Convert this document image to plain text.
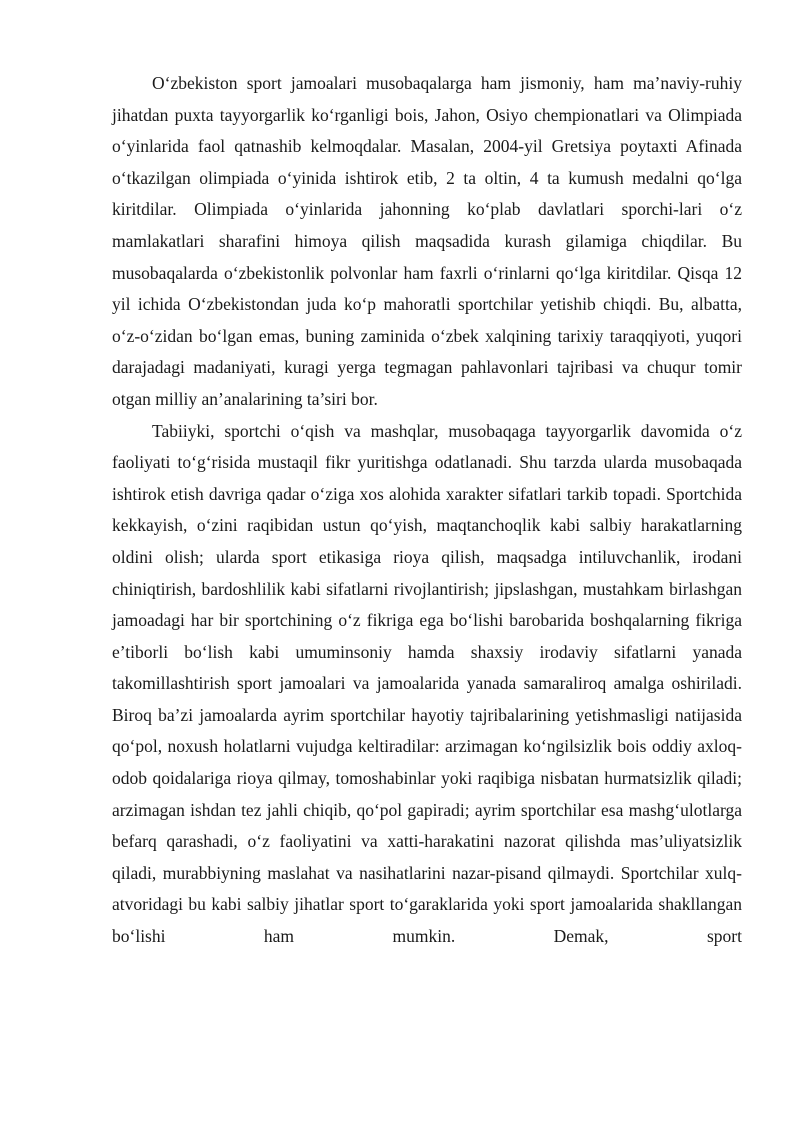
O‘zbekiston sport jamoalari musobaqalarga ham jismoniy, ham ma’naviy-ruhiy jihatdan puxta tayyorgarlik ko‘rganligi bois, Jahon, Osiyo chempionatlari va Olimpiada o‘yinlarida faol qatnashib kelmoqdalar. Masalan, 2004-yil Gretsiya poytaxti Afinada o‘tkazilgan olimpiada o‘yinida ishtirok etib, 2 ta oltin, 4 ta kumush medalni qo‘lga kiritdilar. Olimpiada o‘yinlarida jahonning ko‘plab davlatlari sporchi-lari o‘z mamlakatlari sharafini himoya qilish maqsadida kurash gilamiga chiqdilar. Bu musobaqalarda o‘zbekistonlik polvonlar ham faxrli o‘rinlarni qo‘lga kiritdilar. Qisqa 12 yil ichida O‘zbekistondan juda ko‘p mahoratli sportchilar yetishib chiqdi. Bu, albatta, o‘z-o‘zidan bo‘lgan emas, buning zaminida o‘zbek xalqining tarixiy taraqqiyoti, yuqori darajadagi madaniyati, kuragi yerga tegmagan pahlavonlari tajribasi va chuqur tomir otgan milliy an’analarining ta’siri bor.

Tabiiyki, sportchi o‘qish va mashqlar, musobaqaga tayyorgarlik davomida o‘z faoliyati to‘g‘risida mustaqil fikr yuritishga odatlanadi. Shu tarzda ularda musobaqada ishtirok etish davriga qadar o‘ziga xos alohida xarakter sifatlari tarkib topadi. Sportchida kekkayish, o‘zini raqibidan ustun qo‘yish, maqtanchoqlik kabi salbiy harakatlarning oldini olish; ularda sport etikasiga rioya qilish, maqsadga intiluvchanlik, irodani chiniqtirish, bardoshlilik kabi sifatlarni rivojlantirish; jipslashgan, mustahkam birlashgan jamoadagi har bir sportchining o‘z fikriga ega bo‘lishi barobarida boshqalarning fikriga e’tiborli bo‘lish kabi umuminsoniy hamda shaxsiy irodaviy sifatlarni yanada takomillashtirish sport jamoalari va jamoalarida yanada samaraliroq amalga oshiriladi. Biroq ba’zi jamoalarda ayrim sportchilar hayotiy tajribalarining yetishmasligi natijasida qo‘pol, noxush holatlarni vujudga keltiradilar: arzimagan ko‘ngilsizlik bois oddiy axloq-odob qoidalariga rioya qilmay, tomoshabinlar yoki raqibiga nisbatan hurmatsizlik qiladi; arzimagan ishdan tez jahli chiqib, qo‘pol gapiradi; ayrim sportchilar esa mashg‘ulotlarga befarq qarashadi, o‘z faoliyatini va xatti-harakatini nazorat qilishda mas’uliyatsizlik qiladi, murabbiyning maslahat va nasihatlarini nazar-pisand qilmaydi. Sportchilar xulq-atvoridagi bu kabi salbiy jihatlar sport to‘garaklarida yoki sport jamoalarida shakllangan bo‘lishi ham mumkin. Demak, sport
